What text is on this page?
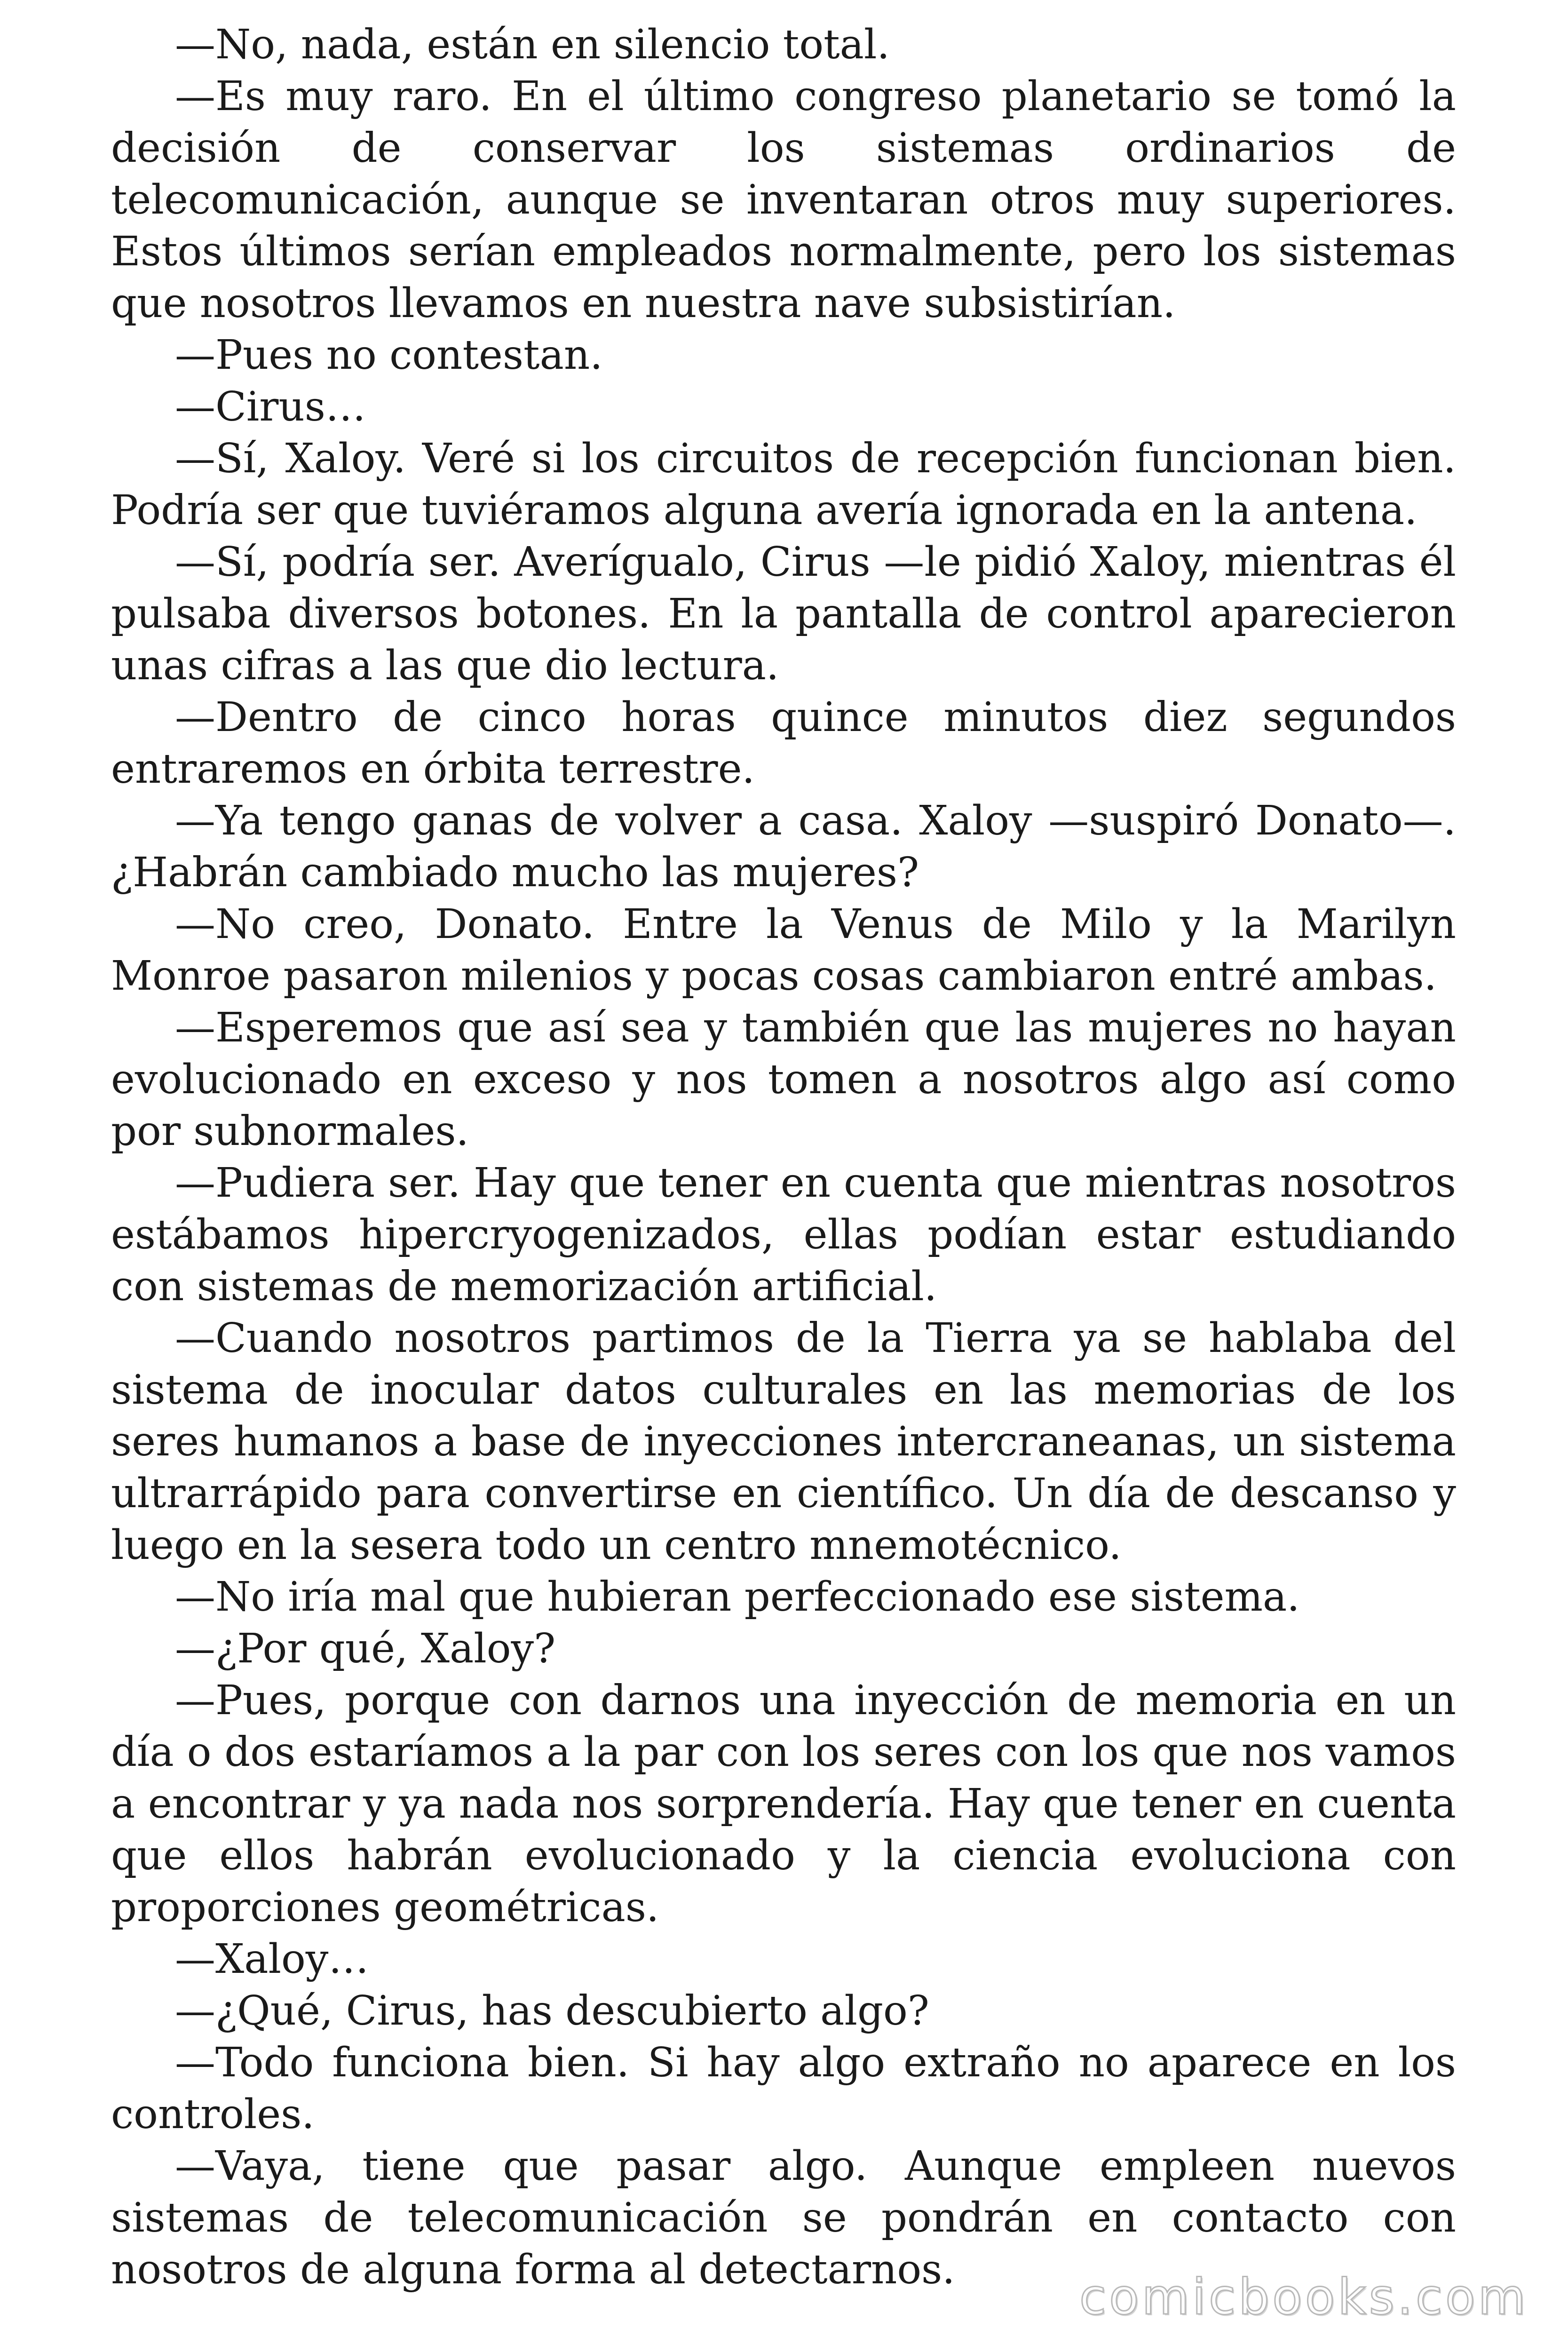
—No, nada, están en silencio total.

—Es muy raro. En el último congreso planetario se tomó la decisión de conservar los sistemas ordinarios de telecomunicación, aunque se inventaran otros muy superiores. Estos últimos serían empleados normalmente, pero los sistemas que nosotros llevamos en nuestra nave subsistirían.

—Pues no contestan.

—Cirus…

—Sí, Xaloy. Veré si los circuitos de recepción funcionan bien. Podría ser que tuviéramos alguna avería ignorada en la antena.

—Sí, podría ser. Averígualo, Cirus —le pidió Xaloy, mientras él pulsaba diversos botones. En la pantalla de control aparecieron unas cifras a las que dio lectura.

—Dentro de cinco horas quince minutos diez segundos entraremos en órbita terrestre.

—Ya tengo ganas de volver a casa. Xaloy —suspiró Donato—. ¿Habrán cambiado mucho las mujeres?

—No creo, Donato. Entre la Venus de Milo y la Marilyn Monroe pasaron milenios y pocas cosas cambiaron entré ambas.

—Esperemos que así sea y también que las mujeres no hayan evolucionado en exceso y nos tomen a nosotros algo así como por subnormales.

—Pudiera ser. Hay que tener en cuenta que mientras nosotros estábamos hipercryogenizados, ellas podían estar estudiando con sistemas de memorización artificial.

—Cuando nosotros partimos de la Tierra ya se hablaba del sistema de inocular datos culturales en las memorias de los seres humanos a base de inyecciones intercraneanas, un sistema ultrarrápido para convertirse en científico. Un día de descanso y luego en la sesera todo un centro mnemotécnico.

—No iría mal que hubieran perfeccionado ese sistema.

—¿Por qué, Xaloy?

—Pues, porque con darnos una inyección de memoria en un día o dos estaríamos a la par con los seres con los que nos vamos a encontrar y ya nada nos sorprendería. Hay que tener en cuenta que ellos habrán evolucionado y la ciencia evoluciona con proporciones geométricas.

—Xaloy…

—¿Qué, Cirus, has descubierto algo?

—Todo funciona bien. Si hay algo extraño no aparece en los controles.

—Vaya, tiene que pasar algo. Aunque empleen nuevos sistemas de telecomunicación se pondrán en contacto con nosotros de alguna forma al detectarnos.	comicbooks.com
